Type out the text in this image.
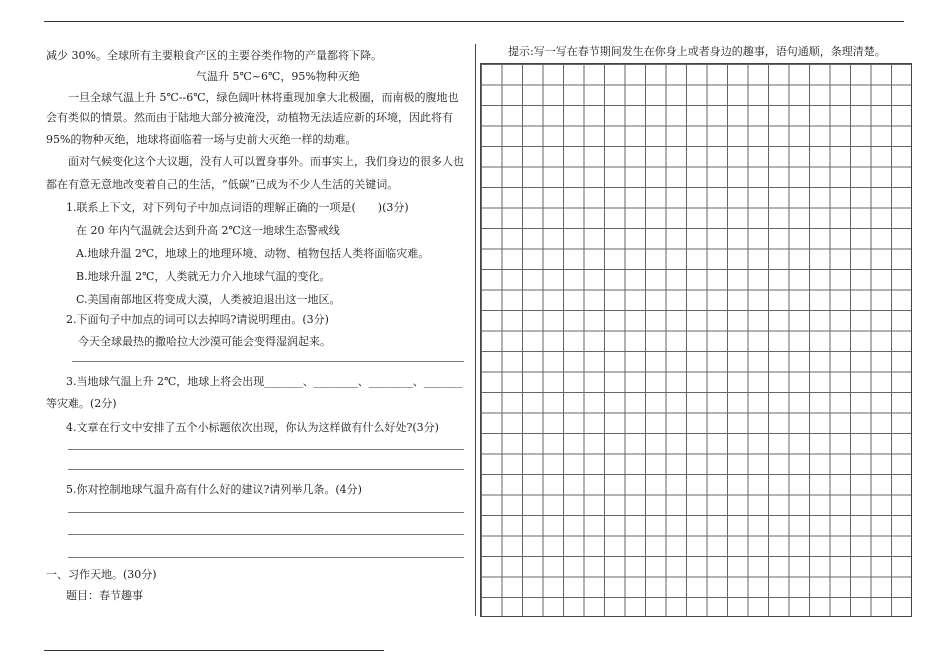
减少 30%。全球所有主要粮食产区的主要谷类作物的产量都将下降。
气温升 5℃~6℃，95%物种灭绝
一旦全球气温上升 5℃--6℃，绿色阔叶林将重现加拿大北极圈，而南极的腹地也
会有类似的情景。然而由于陆地大部分被淹没，动植物无法适应新的环境，因此将有
95%的物种灭绝，地球将面临着一场与史前大灭绝一样的劫难。
面对气候变化这个大议题，没有人可以置身事外。而事实上，我们身边的很多人也
都在有意无意地改变着自己的生活，“低碳”已成为不少人生活的关键词。
1.联系上下文，对下列句子中加点词语的理解正确的一项是(　　)(3分)
在 20 年内气温就会达到升高 2℃这一地球生态警戒线
A.地球升温 2℃，地球上的地理环境、动物、植物包括人类将面临灾难。
B.地球升温 2℃，人类就无力介入地球气温的变化。
C.美国南部地区将变成大漠，人类被迫退出这一地区。
2.下面句子中加点的词可以去掉吗?请说明理由。(3分)
今天全球最热的撒哈拉大沙漠可能会变得湿润起来。
3.当地球气温上升 2℃，地球上将会出现_______、________、________、_______
等灾难。(2分)
4.文章在行文中安排了五个小标题依次出现，你认为这样做有什么好处?(3分)
5.你对控制地球气温升高有什么好的建议?请列举几条。(4分)
一、习作天地。(30分)
题目：春节趣事
提示:写一写在春节期间发生在你身上或者身边的趣事，语句通顺，条理清楚。
